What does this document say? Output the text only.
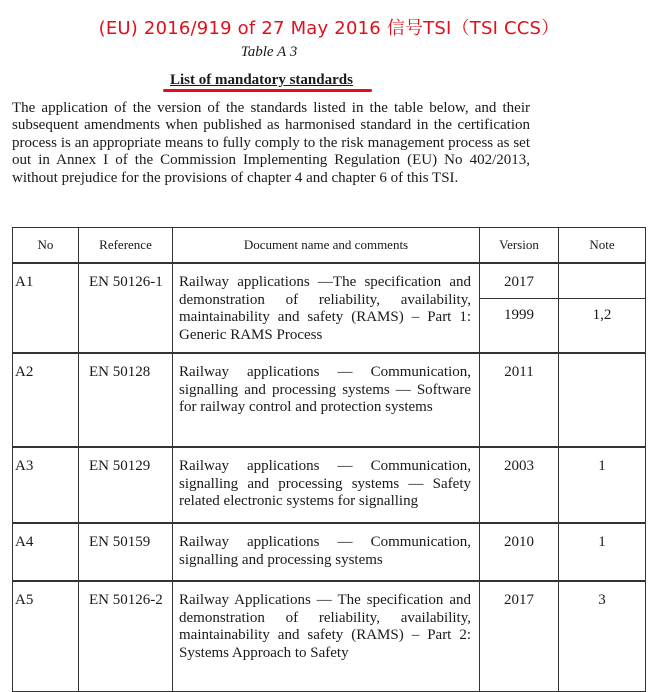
(EU) 2016/919 of 27 May 2016 信号TSI（TSI CCS）
Table A 3
List of mandatory standards

The application of the version of the standards listed in the table below, and their subsequent amendments when published as harmonised standard in the certification process is an appropriate means to fully comply to the risk management process as set out in Annex I of the Commission Implementing Regulation (EU) No 402/2013, without prejudice for the provisions of chapter 4 and chapter 6 of this TSI.

No	Reference	Document name and comments	Version	Note
A1	EN 50126-1	Railway applications —The specification and demonstration of reliability, availability, maintainability and safety (RAMS) – Part 1: Generic RAMS Process	2017
1999	1,2

A2	EN 50128	Railway applications — Communication, signalling and processing systems — Software for railway control and protection systems	2011	
A3	EN 50129	Railway applications — Communication, signalling and processing systems — Safety related electronic systems for signalling	2003	1
A4	EN 50159	Railway applications — Communication, signalling and processing systems	2010	1
A5	EN 50126-2	Railway Applications — The specification and demonstration of reliability, availability, maintainability and safety (RAMS) – Part 2: Systems Approach to Safety	2017	3
